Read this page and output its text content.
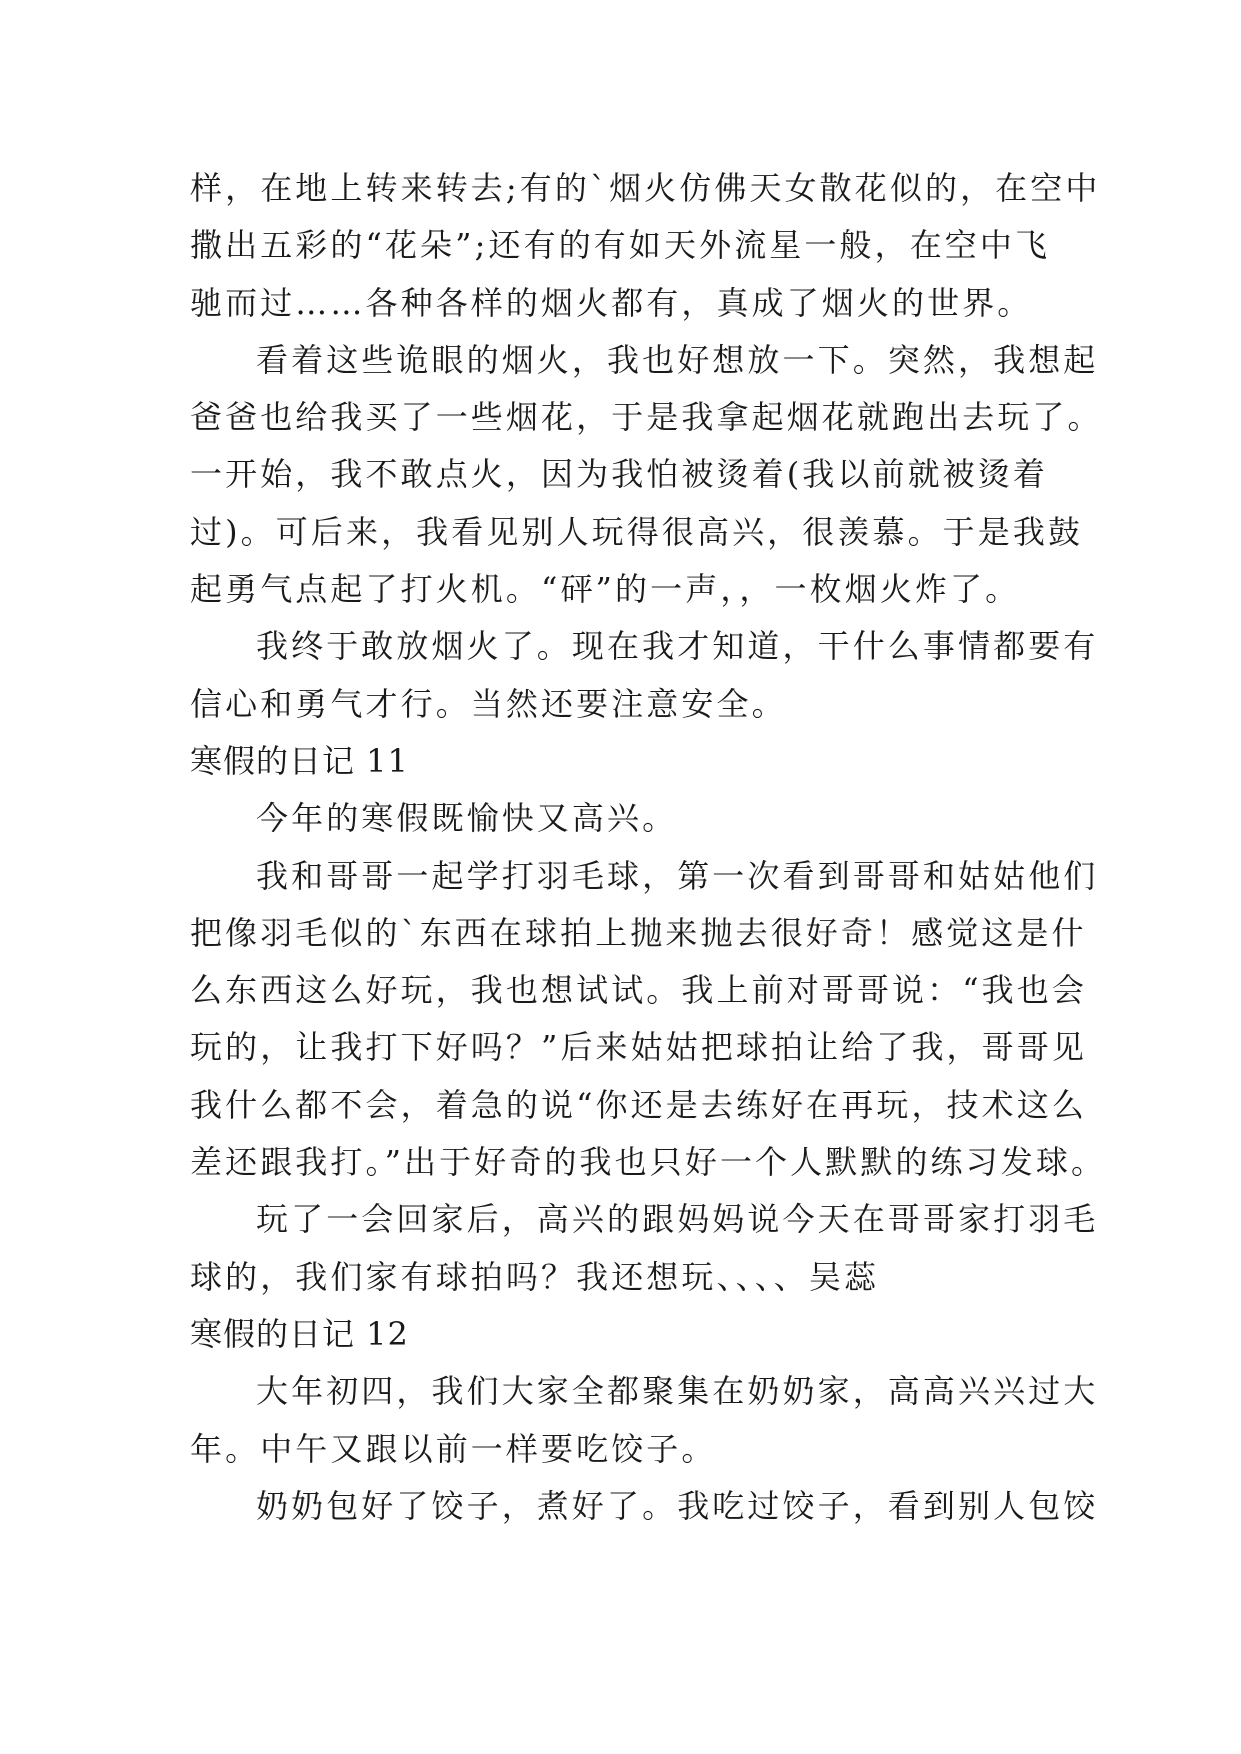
样，在地上转来转去;有的`烟火仿佛天女散花似的，在空中
撒出五彩的“花朵”;还有的有如天外流星一般，在空中飞
驰而过……各种各样的烟火都有，真成了烟火的世界。
看着这些诡眼的烟火，我也好想放一下。突然，我想起
爸爸也给我买了一些烟花，于是我拿起烟花就跑出去玩了。
一开始，我不敢点火，因为我怕被烫着(我以前就被烫着
过)。可后来，我看见别人玩得很高兴，很羡慕。于是我鼓
起勇气点起了打火机。“砰”的一声，，一枚烟火炸了。
我终于敢放烟火了。现在我才知道，干什么事情都要有
信心和勇气才行。当然还要注意安全。
寒假的日记 11
今年的寒假既愉快又高兴。
我和哥哥一起学打羽毛球，第一次看到哥哥和姑姑他们
把像羽毛似的`东西在球拍上抛来抛去很好奇！感觉这是什
么东西这么好玩，我也想试试。我上前对哥哥说：“我也会
玩的，让我打下好吗？”后来姑姑把球拍让给了我，哥哥见
我什么都不会，着急的说“你还是去练好在再玩，技术这么
差还跟我打。”出于好奇的我也只好一个人默默的练习发球。
玩了一会回家后，高兴的跟妈妈说今天在哥哥家打羽毛
球的，我们家有球拍吗？我还想玩、、、、吴蕊
寒假的日记 12
大年初四，我们大家全都聚集在奶奶家，高高兴兴过大
年。中午又跟以前一样要吃饺子。
奶奶包好了饺子，煮好了。我吃过饺子，看到别人包饺
